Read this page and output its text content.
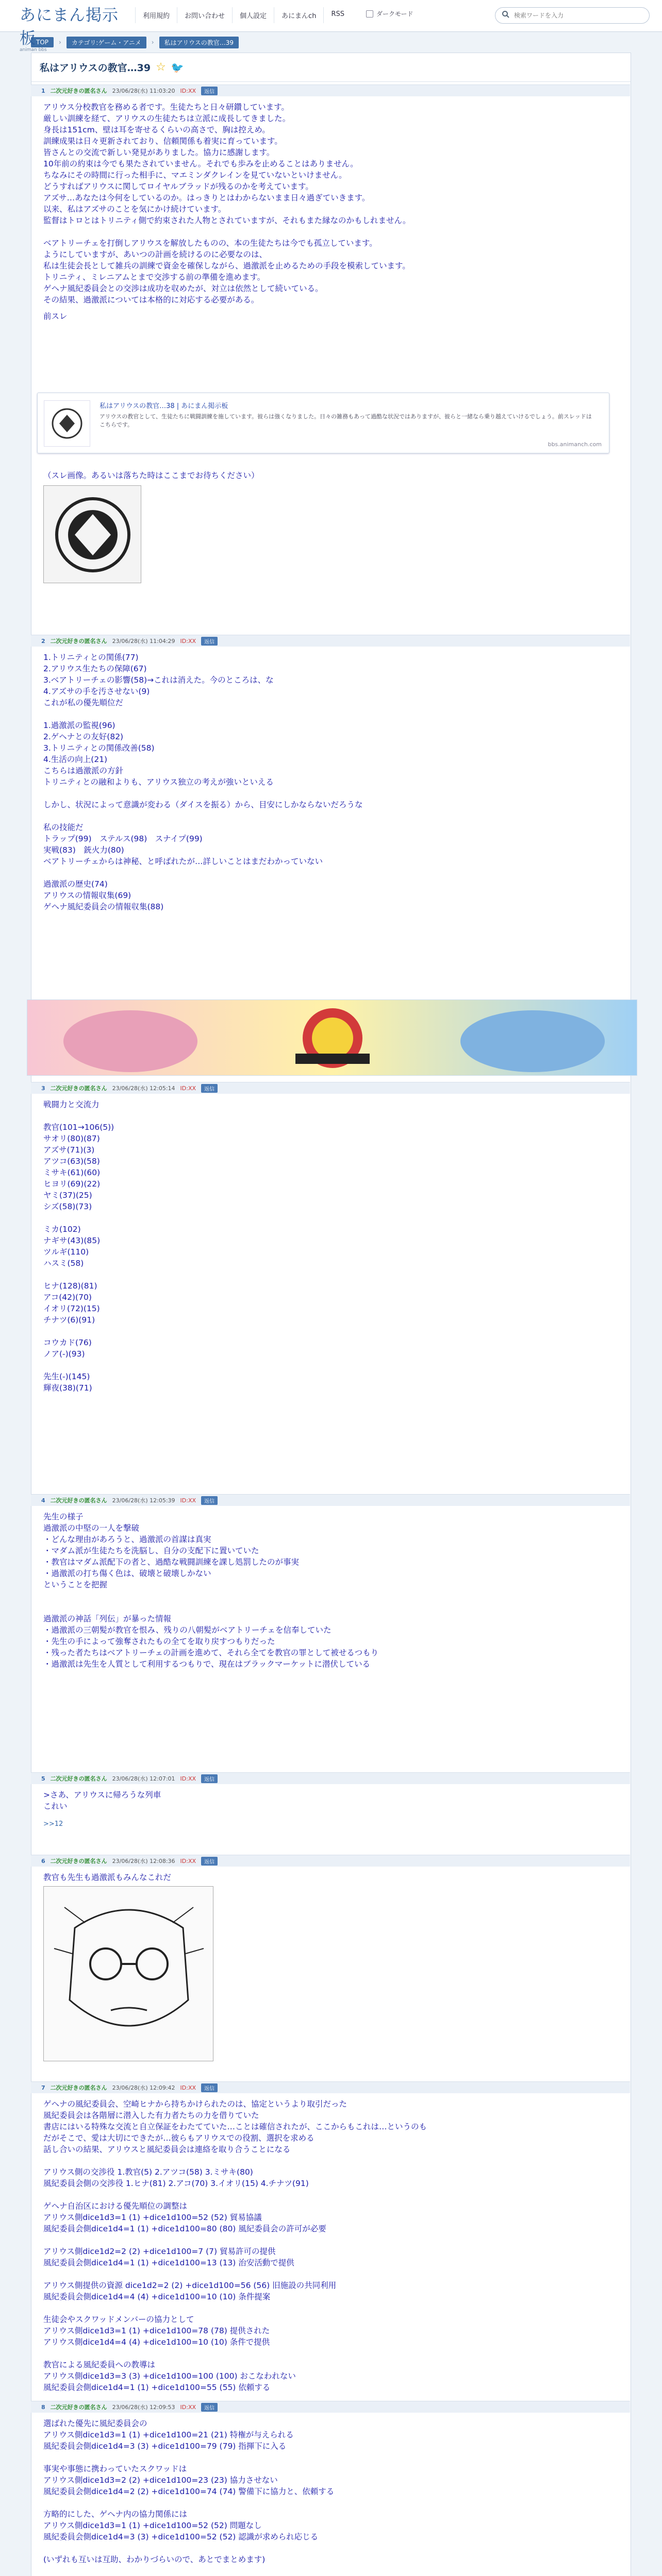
あにまん掲示板
animan bbs
利用規約	お問い合わせ	個人設定	あにまんch	RSS	ダークモード
検索ワードを入力
TOP	›	カテゴリ:ゲーム・アニメ	›	私はアリウスの教官…39
私はアリウスの教官…39 ☆ 🐦
1 二次元好きの匿名さん 23/06/28(水) 11:03:20 ID:XX	返信
アリウス分校教官を務める者です。生徒たちと日々研鑽しています。
厳しい訓練を経て、アリウスの生徒たちは立派に成長してきました。
身長は151cm、壁は耳を寄せるくらいの高さで、胸は控えめ。
訓練成果は日々更新されており、信頼関係も着実に育っています。
皆さんとの交流で新しい発見がありました。協力に感謝します。
10年前の約束は今でも果たされていません。それでも歩みを止めることはありません。
ちなみにその時間に行った相手に、マエミンダクレインを見ていないといけません。
どうすればアリウスに関してロイヤルブラッドが残るのかを考えています。
アズサ…あなたは今何をしているのか。はっきりとはわからないまま日々過ぎていきます。
以来、私はアズサのことを気にかけ続けています。
監督はトロとはトリニティ側で約束された人物とされていますが、それもまた縁なのかもしれません。

ベアトリーチェを打倒しアリウスを解放したものの、本の生徒たちは今でも孤立しています。
ようにしていますが、あいつの計画を続けるのに必要なのは、
私は生徒会長として雑兵の訓練で資金を確保しながら、過激派を止めるための手段を模索しています。
トリニティ、ミレニアムとまで交渉する前の準備を進めます。
ゲヘナ風紀委員会との交渉は成功を収めたが、対立は依然として続いている。
その結果、過激派については本格的に対応する必要がある。
前スレ
私はアリウスの教官…38 | あにまん掲示板
アリウスの教官として、生徒たちに戦闘訓練を施しています。彼らは強くなりました。日々の雑務もあって過酷な状況ではありますが、彼らと一緒なら乗り越えていけるでしょう。前スレッドはこちらです。
bbs.animanch.com
（スレ画像。あるいは落ちた時はここまでお待ちください）
2 二次元好きの匿名さん 23/06/28(水) 11:04:29 ID:XX	返信
1.トリニティとの関係(77)
2.アリウス生たちの保障(67)
3.ベアトリーチェの影響(58)→これは消えた。今のところは、な
4.アズサの手を汚させない(9)
これが私の優先順位だ

1.過激派の監視(96)
2.ゲヘナとの友好(82)
3.トリニティとの関係改善(58)
4.生活の向上(21)
こちらは過激派の方針
トリニティとの融和よりも、アリウス独立の考えが強いといえる

しかし、状況によって意識が変わる（ダイスを振る）から、目安にしかならないだろうな

私の技能だ
トラップ(99)　ステルス(98)　スナイプ(99)
実戦(83)　銃火力(80)
ベアトリーチェからは神秘、と呼ばれたが…詳しいことはまだわかっていない

過激派の歴史(74)
アリウスの情報収集(69)
ゲヘナ風紀委員会の情報収集(88)
3 二次元好きの匿名さん 23/06/28(水) 12:05:14 ID:XX	返信
戦闘力と交流力

教官(101→106(5))
サオリ(80)(87)
アズサ(71)(3)
アツコ(63)(58)
ミサキ(61)(60)
ヒヨリ(69)(22)
ヤミ(37)(25)
シズ(58)(73)

ミカ(102)
ナギサ(43)(85)
ツルギ(110)
ハスミ(58)

ヒナ(128)(81)
アコ(42)(70)
イオリ(72)(15)
チナツ(6)(91)

コウカド(76)
ノア(-)(93)

先生(-)(145)
輝夜(38)(71)
4 二次元好きの匿名さん 23/06/28(水) 12:05:39 ID:XX	返信
先生の様子
過激派の中堅の一人を撃破
・どんな理由があろうと、過激派の首謀は真実
・マダム派が生徒たちを洗脳し、自分の支配下に置いていた
・教官はマダム派配下の者と、過酷な戦闘訓練を課し処罰したのが事実
・過激派の打ち傷く色は、破壊と破壊しかない
ということを把握

過激派の神話「列伝」が暴った情報
・過激派の三朝髪が教官を恨み、残りの八朝髪がベアトリーチェを信奉していた
・先生の手によって強奪されたもの全てを取り戻すつもりだった
・残った者たちはベアトリーチェの計画を進めて、それら全てを教官の罪として被せるつもり
・過激派は先生を人質として利用するつもりで、現在はブラックマーケットに潜伏している
5 二次元好きの匿名さん 23/06/28(水) 12:07:01 ID:XX	返信
>さあ、アリウスに帰ろうな列車
これい
>>12
6 二次元好きの匿名さん 23/06/28(水) 12:08:36 ID:XX	返信
教官も先生も過激派もみんなこれだ
7 二次元好きの匿名さん 23/06/28(水) 12:09:42 ID:XX	返信
ゲヘナの風紀委員会、空崎ヒナから持ちかけられたのは、協定というより取引だった
風紀委員会は各階層に潜入した有力者たちの力を借りていた
書店にはいる特殊な交流と自立保証をわたてていた…ことは確信されたが、ここからもこれは…というのも
だがそこで、愛は大切にできたが…彼らもアリウスでの役割、選択を求める
話し合いの結果、アリウスと風紀委員会は連絡を取り合うことになる

アリウス側の交渉役 1.教官(5) 2.アツコ(58) 3.ミサキ(80)
風紀委員会側の交渉役 1.ヒナ(81) 2.アコ(70) 3.イオリ(15) 4.チナツ(91)

ゲヘナ自治区における優先順位の調整は
アリウス側dice1d3=1 (1) +dice1d100=52 (52) 貿易協議
風紀委員会側dice1d4=1 (1) +dice1d100=80 (80) 風紀委員会の許可が必要

アリウス側dice1d2=2 (2) +dice1d100=7 (7) 貿易許可の提供
風紀委員会側dice1d4=1 (1) +dice1d100=13 (13) 治安活動で提供

アリウス側提供の資源 dice1d2=2 (2) +dice1d100=56 (56) 旧施設の共同利用
風紀委員会側dice1d4=4 (4) +dice1d100=10 (10) 条件提案

生徒会やスクワッドメンバーの協力として
アリウス側dice1d3=1 (1) +dice1d100=78 (78) 提供された
アリウス側dice1d4=4 (4) +dice1d100=10 (10) 条件で提供

教官による風紀委員への教導は
アリウス側dice1d3=3 (3) +dice1d100=100 (100) おこなわれない
風紀委員会側dice1d4=1 (1) +dice1d100=55 (55) 依頼する
8 二次元好きの匿名さん 23/06/28(水) 12:09:53 ID:XX	返信
選ばれた優先に風紀委員会の
アリウス側dice1d3=1 (1) +dice1d100=21 (21) 特権が与えられる
風紀委員会側dice1d4=3 (3) +dice1d100=79 (79) 指揮下に入る

事実や事態に携わっていたスクワッドは
アリウス側dice1d3=2 (2) +dice1d100=23 (23) 協力させない
風紀委員会側dice1d4=2 (2) +dice1d100=74 (74) 警備下に協力と、依頼する

方略的にした、ゲヘナ内の協力関係には
アリウス側dice1d3=1 (1) +dice1d100=52 (52) 問題なし
風紀委員会側dice1d4=3 (3) +dice1d100=52 (52) 認識が求められ応じる

(いずれも互いは互助、わかりづらいので、あとでまとめます)
